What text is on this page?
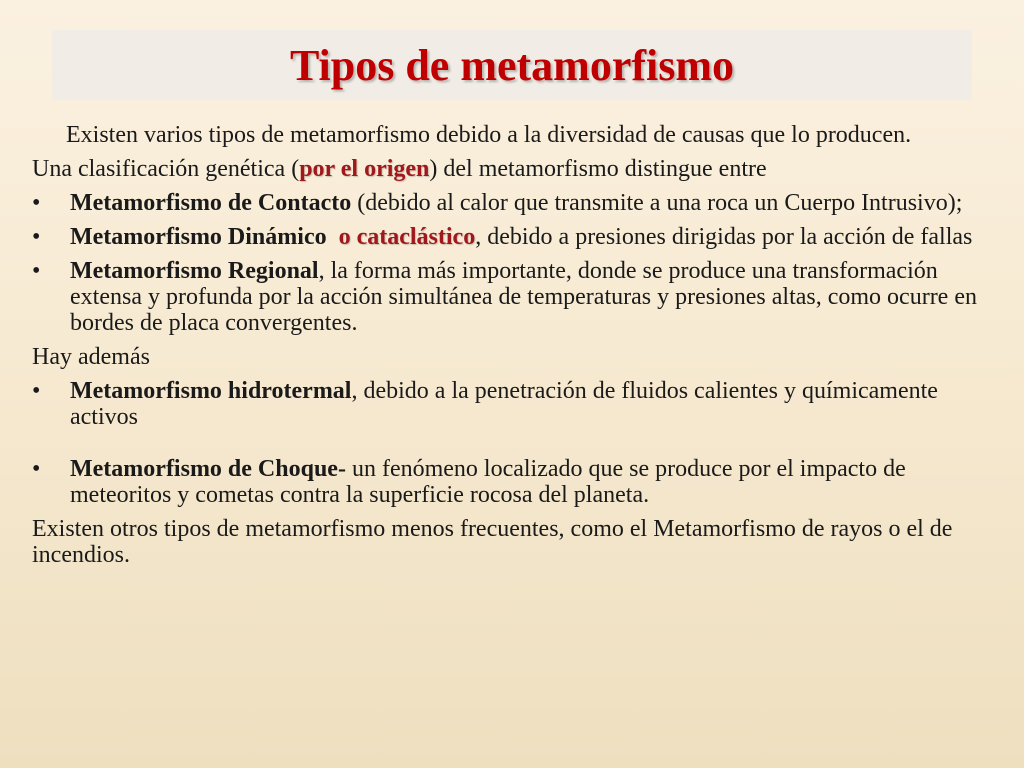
Tipos de metamorfismo

Existen varios tipos de metamorfismo debido a la diversidad de causas que lo producen.

Una clasificación genética (por el origen) del metamorfismo distingue entre

•	Metamorfismo de Contacto (debido al calor que transmite a una roca un Cuerpo Intrusivo);
•	Metamorfismo Dinámico o cataclástico, debido a presiones dirigidas por la acción de fallas
•	Metamorfismo Regional, la forma más importante, donde se produce una transformación extensa y profunda por la acción simultánea de temperaturas y presiones altas, como ocurre en bordes de placa convergentes.

Hay además

•	Metamorfismo hidrotermal, debido a la penetración de fluidos calientes y químicamente activos
•	Metamorfismo de Choque- un fenómeno localizado que se produce por el impacto de meteoritos y cometas contra la superficie rocosa del planeta.

Existen otros tipos de metamorfismo menos frecuentes, como el Metamorfismo de rayos o el de incendios.
